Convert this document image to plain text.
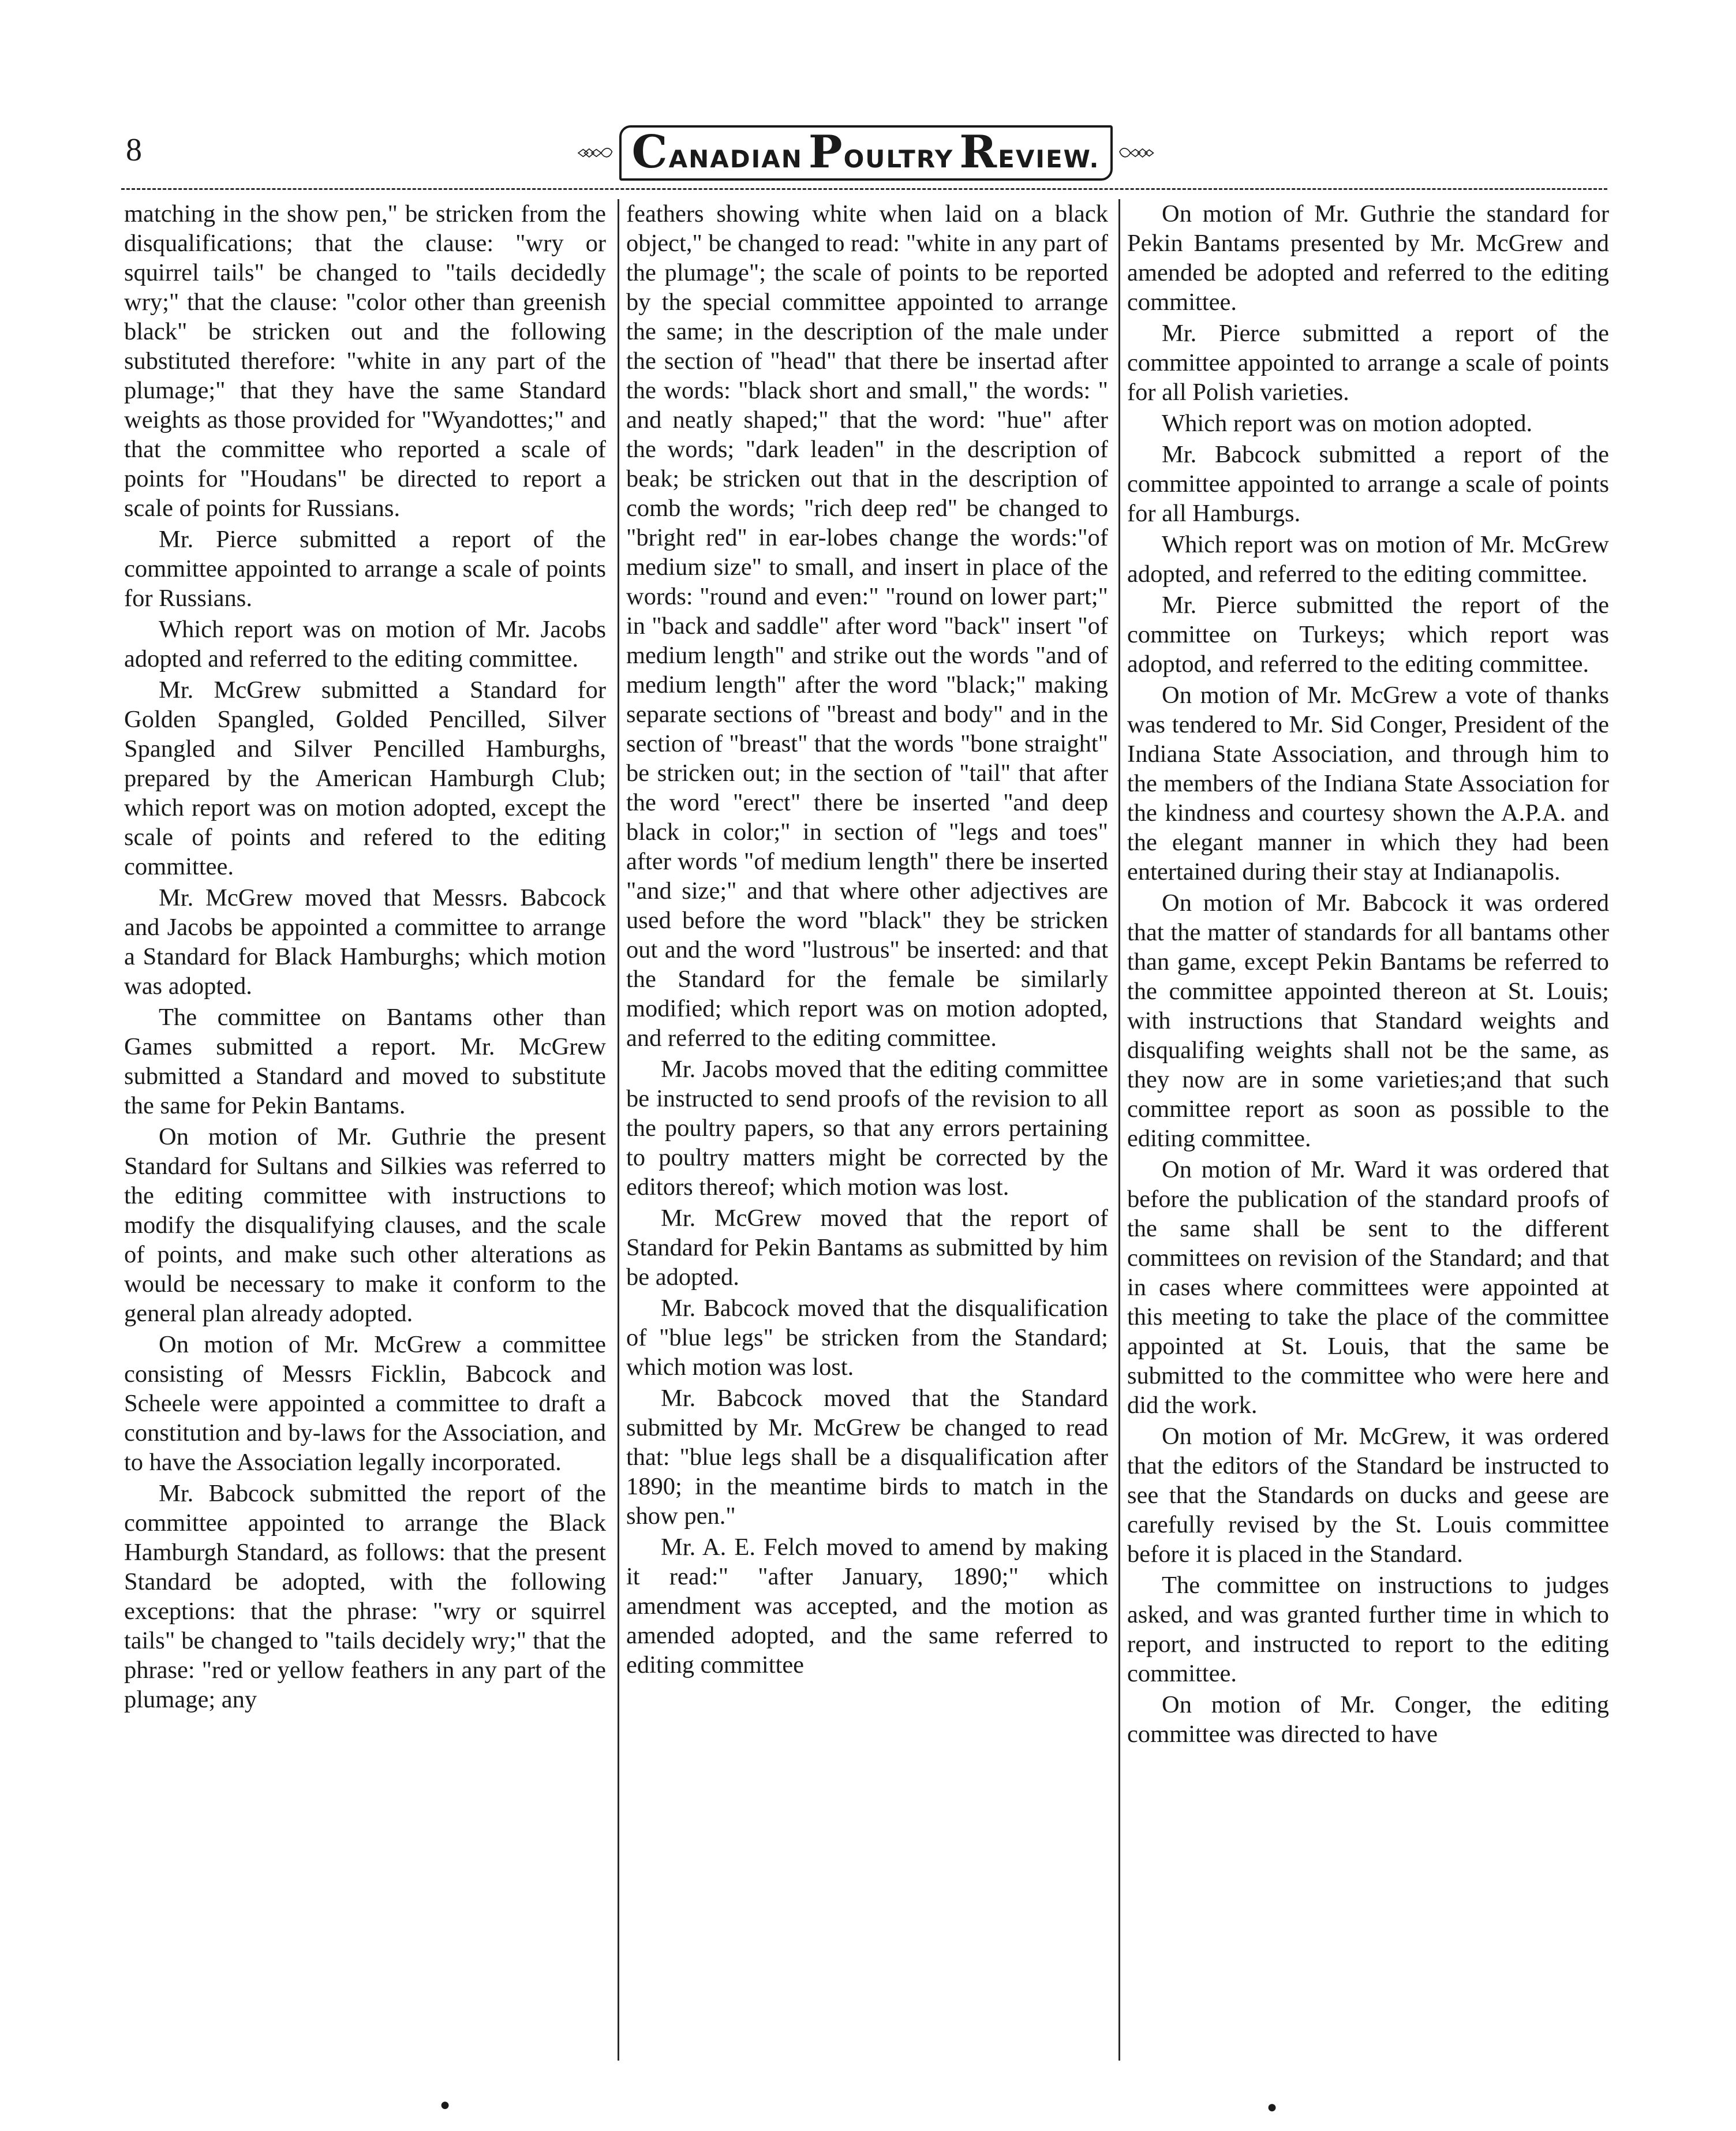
8	CANADIAN POULTRY REVIEW.

matching in the show pen," be stricken from the disqualifications; that the clause: "wry or squirrel tails" be changed to "tails decidedly wry;" that the clause: "color other than greenish black" be stricken out and the following substituted therefore: "white in any part of the plumage;" that they have the same Standard weights as those provided for "Wyandottes;" and that the committee who reported a scale of points for "Houdans" be directed to report a scale of points for Russians.

Mr. Pierce submitted a report of the committee appointed to arrange a scale of points for Russians.

Which report was on motion of Mr. Jacobs adopted and referred to the editing committee.

Mr. McGrew submitted a Standard for Golden Spangled, Golded Pencilled, Silver Spangled and Silver Pencilled Hamburghs, prepared by the American Hamburgh Club; which report was on motion adopted, except the scale of points and refered to the editing committee.

Mr. McGrew moved that Messrs. Babcock and Jacobs be appointed a committee to arrange a Standard for Black Hamburghs; which motion was adopted.

The committee on Bantams other than Games submitted a report. Mr. McGrew submitted a Standard and moved to substitute the same for Pekin Bantams.

On motion of Mr. Guthrie the present Standard for Sultans and Silkies was referred to the editing committee with instructions to modify the disqualifying clauses, and the scale of points, and make such other alterations as would be necessary to make it conform to the general plan already adopted.

On motion of Mr. McGrew a committee consisting of Messrs Ficklin, Babcock and Scheele were appointed a committee to draft a constitution and by-laws for the Association, and to have the Association legally incorporated.

Mr. Babcock submitted the report of the committee appointed to arrange the Black Hamburgh Standard, as follows: that the present Standard be adopted, with the following exceptions: that the phrase: "wry or squirrel tails" be changed to "tails decidely wry;" that the phrase: "red or yellow feathers in any part of the plumage; any

feathers showing white when laid on a black object," be changed to read: "white in any part of the plumage"; the scale of points to be reported by the special committee appointed to arrange the same; in the description of the male under the section of "head" that there be insertad after the words: "black short and small," the words: " and neatly shaped;" that the word: "hue" after the words; "dark leaden" in the description of beak; be stricken out that in the description of comb the words; "rich deep red" be changed to "bright red" in ear-lobes change the words:"of medium size" to small, and insert in place of the words: "round and even:" "round on lower part;" in "back and saddle" after word "back" insert "of medium length" and strike out the words "and of medium length" after the word "black;" making separate sections of "breast and body" and in the section of "breast" that the words "bone straight" be stricken out; in the section of "tail" that after the word "erect" there be inserted "and deep black in color;" in section of "legs and toes" after words "of medium length" there be inserted "and size;" and that where other adjectives are used before the word "black" they be stricken out and the word "lustrous" be inserted: and that the Standard for the female be similarly modified; which report was on motion adopted, and referred to the editing committee.

Mr. Jacobs moved that the editing committee be instructed to send proofs of the revision to all the poultry papers, so that any errors pertaining to poultry matters might be corrected by the editors thereof; which motion was lost.

Mr. McGrew moved that the report of Standard for Pekin Bantams as submitted by him be adopted.

Mr. Babcock moved that the disqualification of "blue legs" be stricken from the Standard; which motion was lost.

Mr. Babcock moved that the Standard submitted by Mr. McGrew be changed to read that: "blue legs shall be a disqualification after 1890; in the meantime birds to match in the show pen."

Mr. A. E. Felch moved to amend by making it read:" "after January, 1890;" which amendment was accepted, and the motion as amended adopted, and the same referred to editing committee

On motion of Mr. Guthrie the standard for Pekin Bantams presented by Mr. McGrew and amended be adopted and referred to the editing committee.

Mr. Pierce submitted a report of the committee appointed to arrange a scale of points for all Polish varieties.

Which report was on motion adopted.

Mr. Babcock submitted a report of the committee appointed to arrange a scale of points for all Hamburgs.

Which report was on motion of Mr. McGrew adopted, and referred to the editing committee.

Mr. Pierce submitted the report of the committee on Turkeys; which report was adoptod, and referred to the editing committee.

On motion of Mr. McGrew a vote of thanks was tendered to Mr. Sid Conger, President of the Indiana State Association, and through him to the members of the Indiana State Association for the kindness and courtesy shown the A.P.A. and the elegant manner in which they had been entertained during their stay at Indianapolis.

On motion of Mr. Babcock it was ordered that the matter of standards for all bantams other than game, except Pekin Bantams be referred to the committee appointed thereon at St. Louis; with instructions that Standard weights and disqualifing weights shall not be the same, as they now are in some varieties;and that such committee report as soon as possible to the editing committee.

On motion of Mr. Ward it was ordered that before the publication of the standard proofs of the same shall be sent to the different committees on revision of the Standard; and that in cases where committees were appointed at this meeting to take the place of the committee appointed at St. Louis, that the same be submitted to the committee who were here and did the work.

On motion of Mr. McGrew, it was ordered that the editors of the Standard be instructed to see that the Standards on ducks and geese are carefully revised by the St. Louis committee before it is placed in the Standard.

The committee on instructions to judges asked, and was granted further time in which to report, and instructed to report to the editing committee.

On motion of Mr. Conger, the editing committee was directed to have

●	●
